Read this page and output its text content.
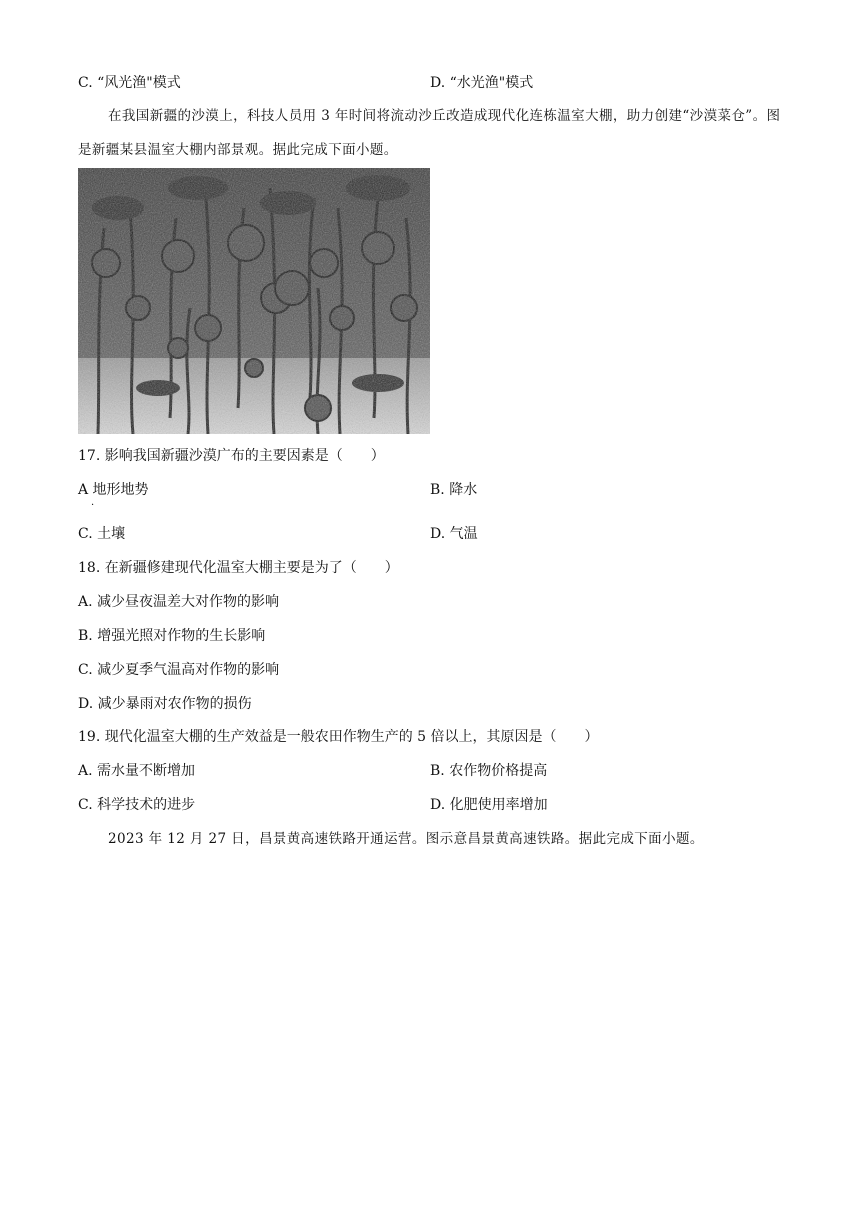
C. “风光渔"模式	D. “水光渔"模式
在我国新疆的沙漠上，科技人员用 3 年时间将流动沙丘改造成现代化连栋温室大棚，助力创建“沙漠菜仓”。图是新疆某县温室大棚内部景观。据此完成下面小题。
17. 影响我国新疆沙漠广布的主要因素是（　　）
A 地形地势
·
B. 降水
C. 土壤	D. 气温
18. 在新疆修建现代化温室大棚主要是为了（　　）
A. 减少昼夜温差大对作物的影响
B. 增强光照对作物的生长影响
C. 减少夏季气温高对作物的影响
D. 减少暴雨对农作物的损伤
19. 现代化温室大棚的生产效益是一般农田作物生产的 5 倍以上，其原因是（　　）
A. 需水量不断增加	B. 农作物价格提高
C. 科学技术的进步	D. 化肥使用率增加
2023 年 12 月 27 日，昌景黄高速铁路开通运营。图示意昌景黄高速铁路。据此完成下面小题。
